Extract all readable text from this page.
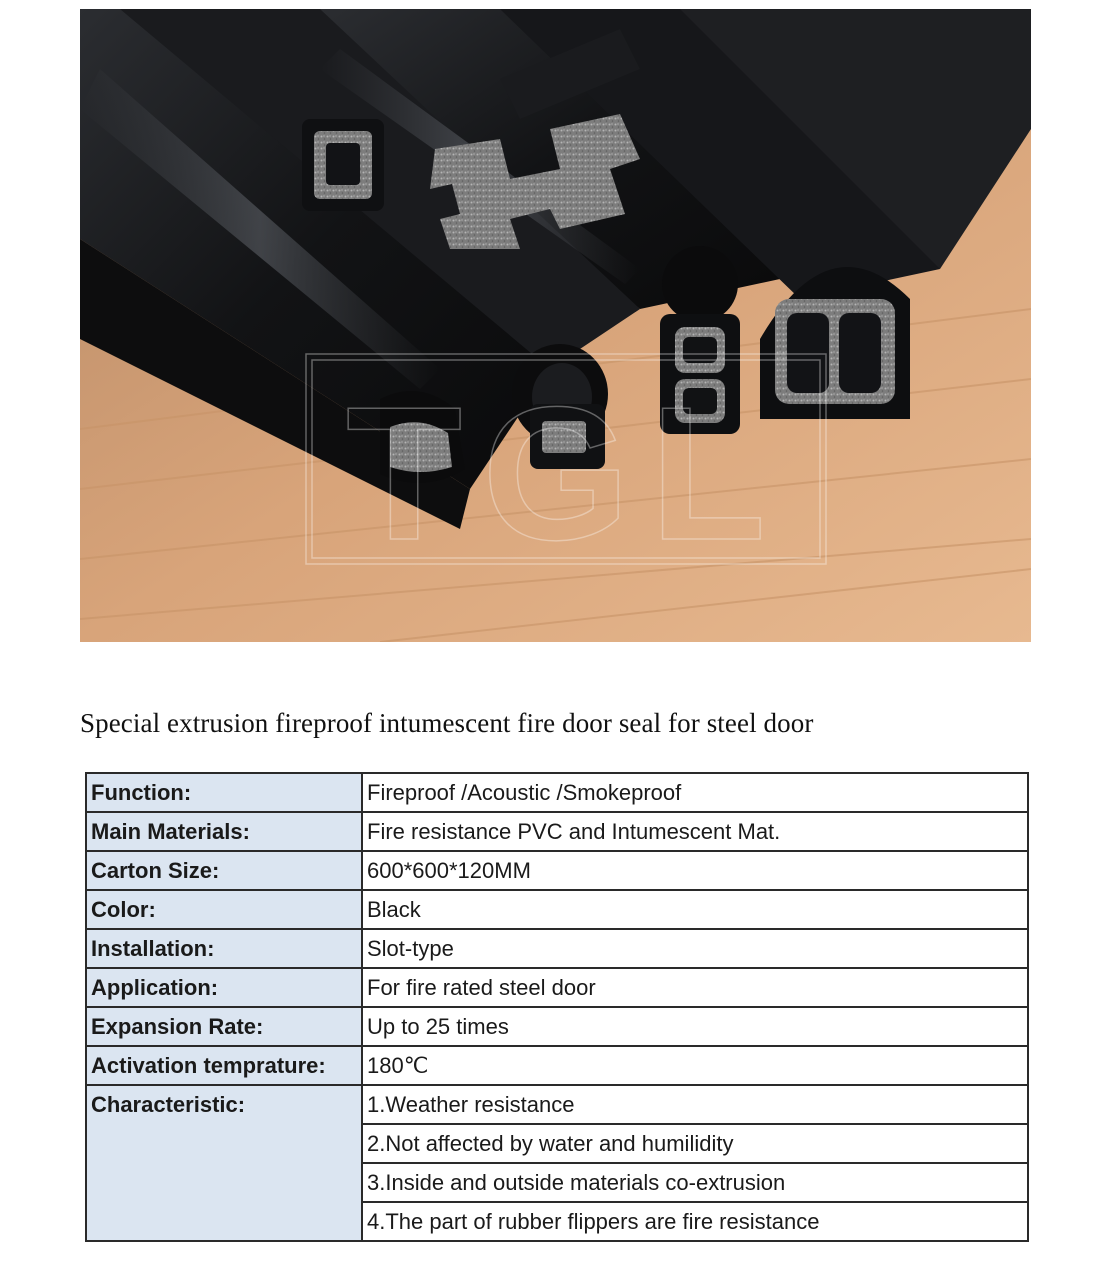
TGL
Special extrusion fireproof intumescent fire door seal for steel door
Function:	Fireproof /Acoustic /Smokeproof
Main Materials:	Fire resistance PVC and Intumescent Mat.
Carton Size:	600*600*120MM
Color:	Black
Installation:	Slot-type
Application:	For fire rated steel door
Expansion Rate:	Up to 25 times
Activation temprature:	180℃
Characteristic:	1.Weather resistance
	2.Not affected by water and humilidity
	3.Inside and outside materials co-extrusion
	4.The part of rubber flippers are fire resistance
